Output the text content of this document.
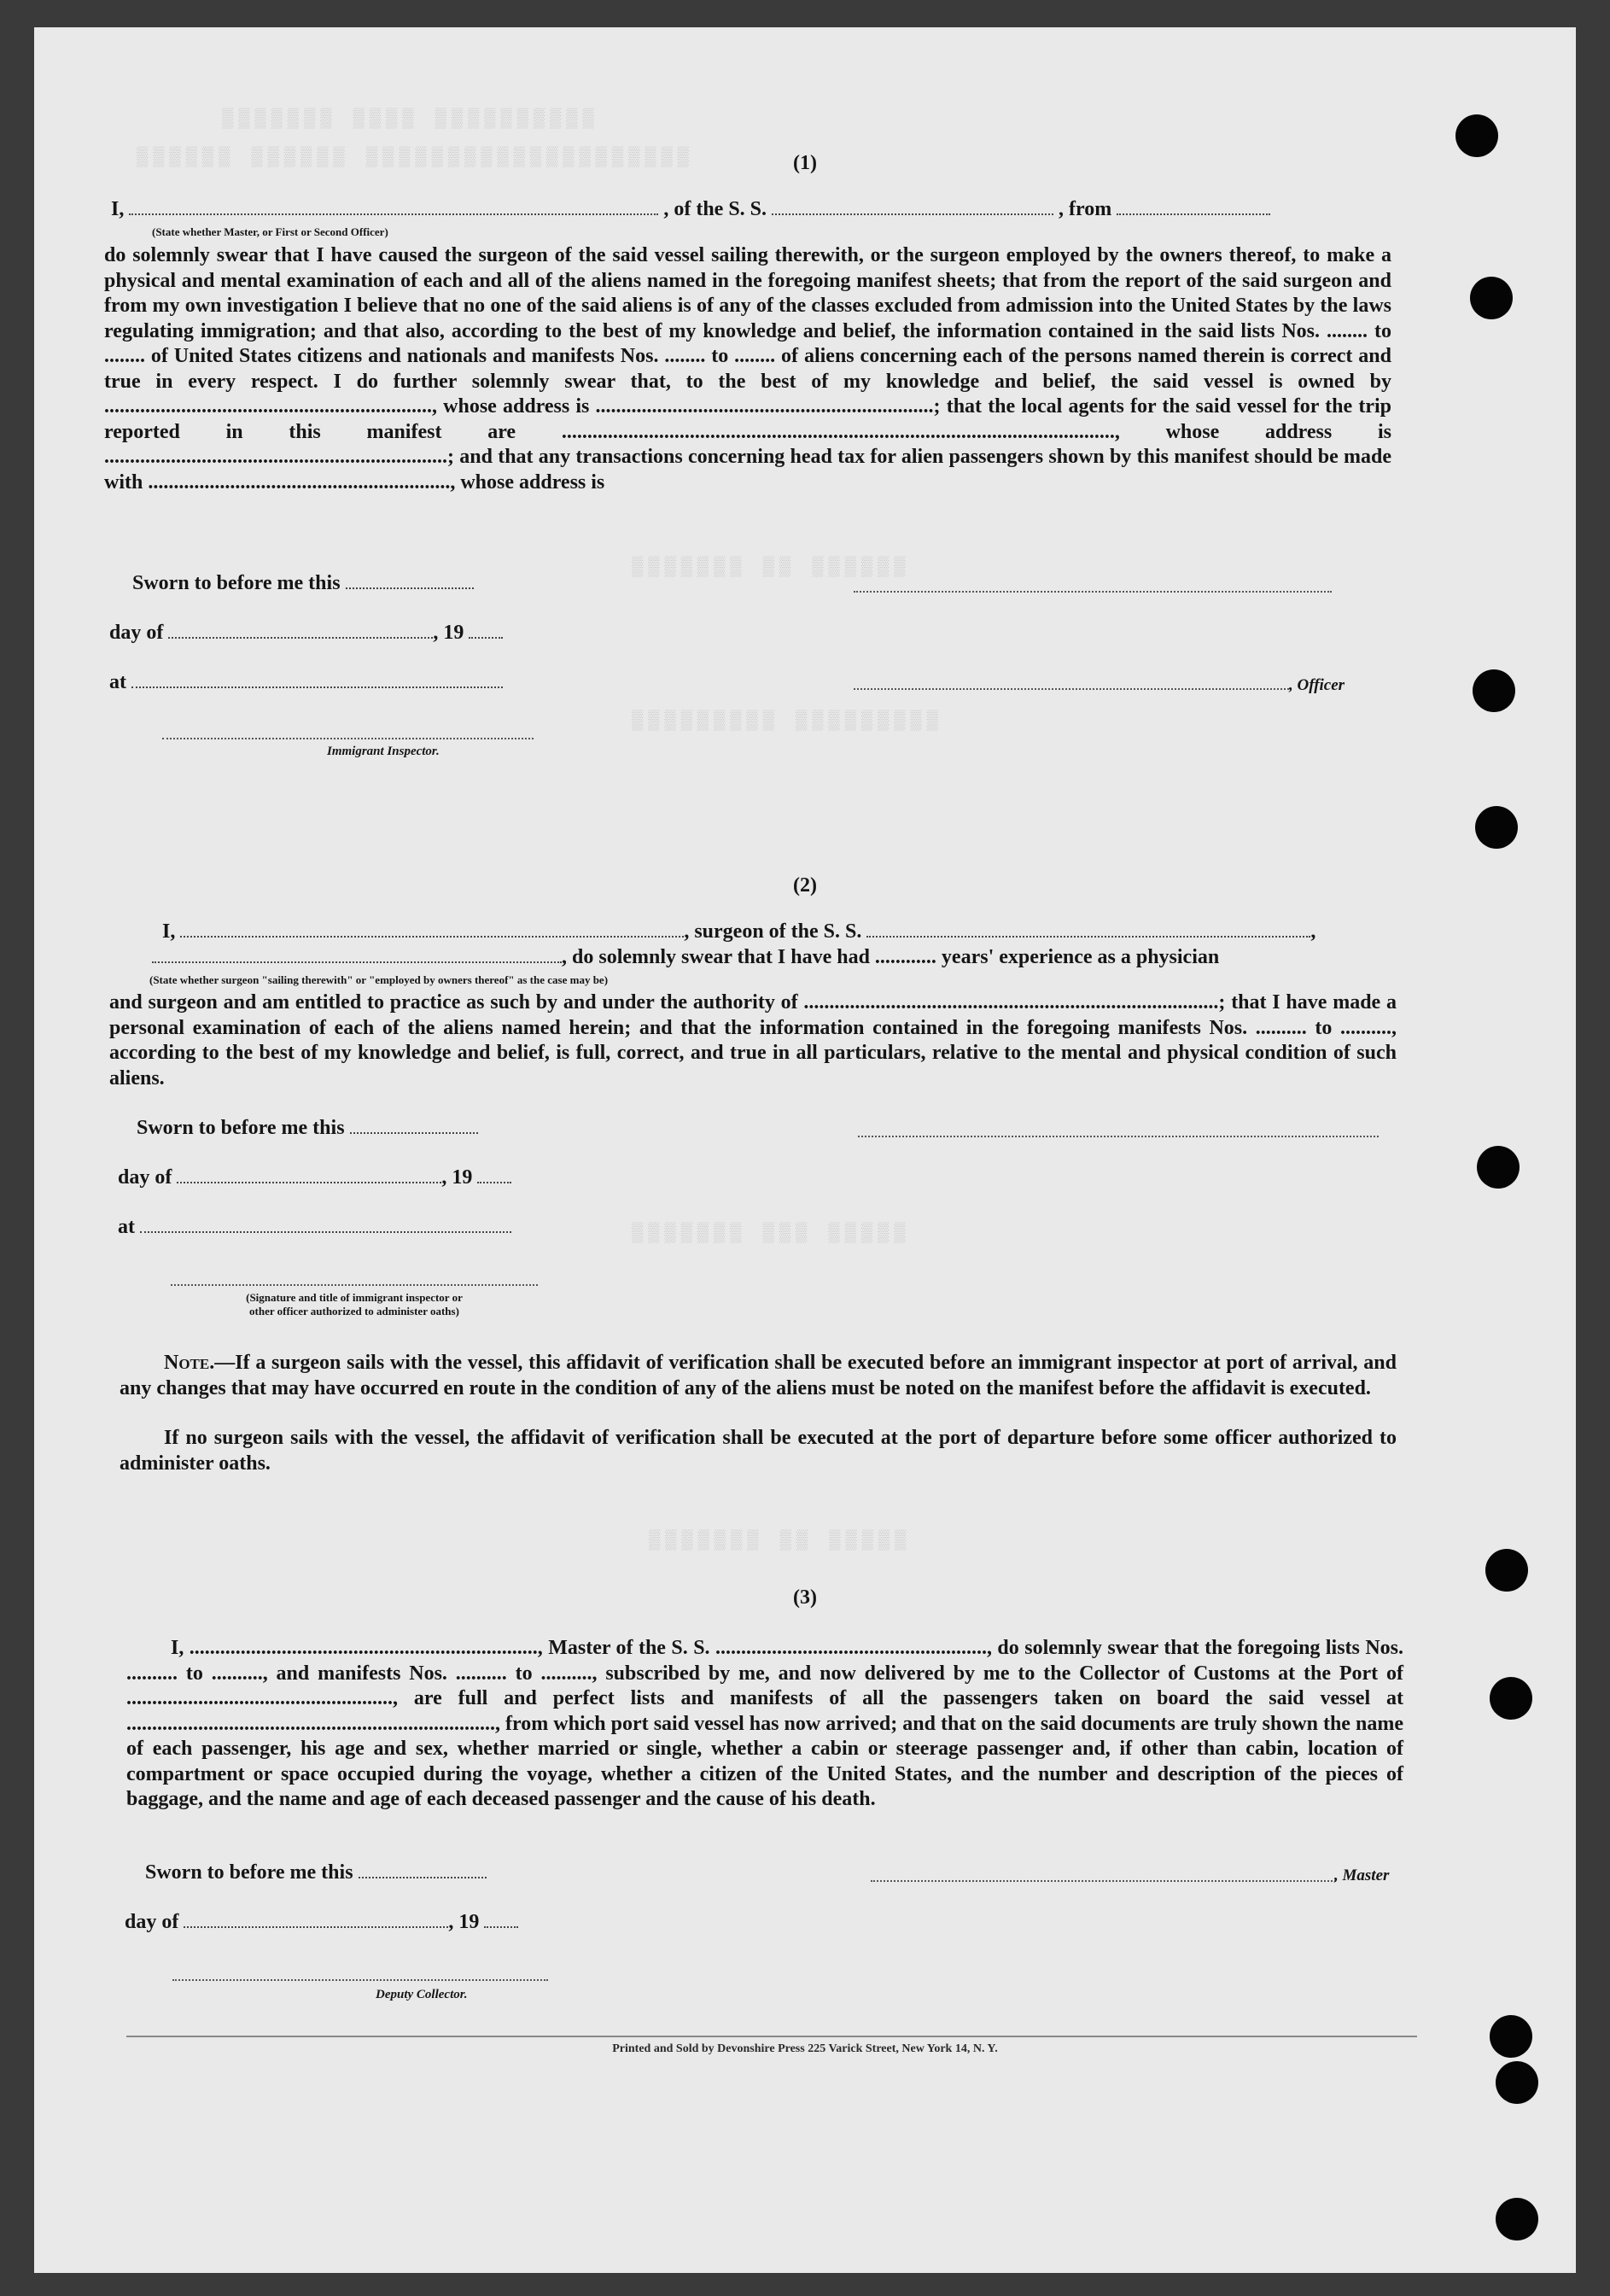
▒▒▒▒▒▒▒ ▒▒▒▒ ▒▒▒▒▒▒▒▒▒▒
▒▒▒▒▒▒ ▒▒▒▒▒▒ ▒▒▒▒▒▒▒▒▒▒▒▒▒▒▒▒▒▒▒▒
▒▒▒▒▒▒▒ ▒▒ ▒▒▒▒▒▒
▒▒▒▒▒▒▒▒▒ ▒▒▒▒▒▒▒▒▒
▒▒▒▒▒▒▒ ▒▒▒ ▒▒▒▒▒
▒▒▒▒▒▒▒ ▒▒ ▒▒▒▒▒
(1)
I,	, of the S. S.	, from
(State whether Master, or First or Second Officer)
do solemnly swear that I have caused the surgeon of the said vessel sailing therewith, or the surgeon employed by the owners thereof, to make a physical and mental examination of each and all of the aliens named in the foregoing manifest sheets; that from the report of the said surgeon and from my own investigation I believe that no one of the said aliens is of any of the classes excluded from admission into the United States by the laws regulating immigration; and that also, according to the best of my knowledge and belief, the information contained in the said lists Nos. ........ to ........ of United States citizens and nationals and manifests Nos. ........ to ........ of aliens concerning each of the persons named therein is correct and true in every respect. I do further solemnly swear that, to the best of my knowledge and belief, the said vessel is owned by ................................................................, whose address is ..................................................................; that the local agents for the said vessel for the trip reported in this manifest are ............................................................................................................, whose address is ...................................................................; and that any transactions concerning head tax for alien passengers shown by this manifest should be made with ..........................................................., whose address is
Sworn to before me this
day of	, 19
at	, Officer
Immigrant Inspector.
(2)
I,	, surgeon of the S. S.	,
, do solemnly swear that I have had ............ years' experience as a physician
(State whether surgeon "sailing therewith" or "employed by owners thereof" as the case may be)
and surgeon and am entitled to practice as such by and under the authority of .................................................................................; that I have made a personal examination of each of the aliens named herein; and that the information contained in the foregoing manifests Nos. .......... to .........., according to the best of my knowledge and belief, is full, correct, and true in all particulars, relative to the mental and physical condition of such aliens.
Sworn to before me this
day of	, 19
at
(Signature and title of immigrant inspector or
other officer authorized to administer oaths)
Note.—If a surgeon sails with the vessel, this affidavit of verification shall be executed before an immigrant inspector at port of arrival, and any changes that may have occurred en route in the condition of any of the aliens must be noted on the manifest before the affidavit is executed.
If no surgeon sails with the vessel, the affidavit of verification shall be executed at the port of departure before some officer authorized to administer oaths.
(3)
I, ...................................................................., Master of the S. S. ....................................................., do solemnly swear that the foregoing lists Nos. .......... to .........., and manifests Nos. .......... to .........., subscribed by me, and now delivered by me to the Collector of Customs at the Port of ...................................................., are full and perfect lists and manifests of all the passengers taken on board the said vessel at ........................................................................, from which port said vessel has now arrived; and that on the said documents are truly shown the name of each passenger, his age and sex, whether married or single, whether a cabin or steerage passenger and, if other than cabin, location of compartment or space occupied during the voyage, whether a citizen of the United States, and the number and description of the pieces of baggage, and the name and age of each deceased passenger and the cause of his death.
Sworn to before me this	, Master
day of	, 19
Deputy Collector.
Printed and Sold by Devonshire Press 225 Varick Street, New York 14, N. Y.
